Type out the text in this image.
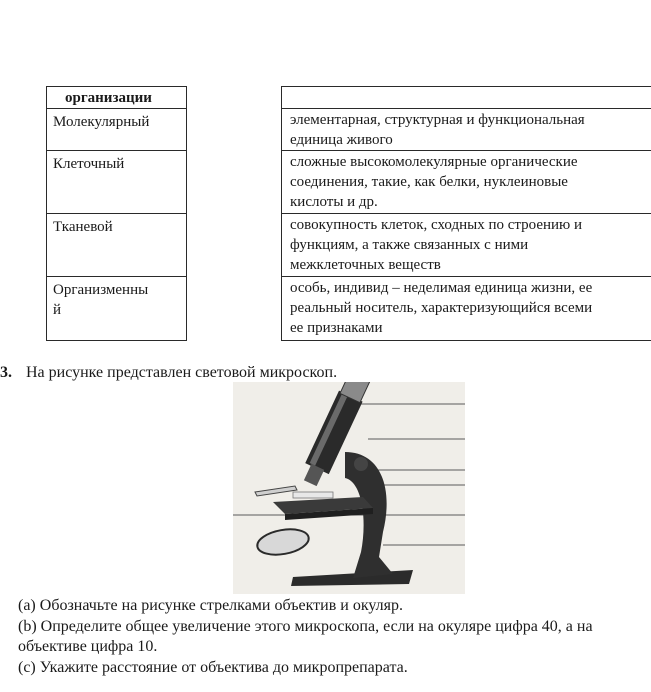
организации
Молекулярный
Клеточный
Тканевой
Организменны
й
элементарная, структурная и функциональная
единица живого
сложные высокомолекулярные органические
соединения, такие, как белки, нуклеиновые
кислоты и др.
совокупность клеток, сходных по строению и
функциям, а также связанных с ними
межклеточных веществ
особь, индивид – неделимая единица жизни, ее
реальный носитель, характеризующийся всеми
ее признаками
3. На рисунке представлен световой микроскоп.
(a) Обозначьте на рисунке стрелками объектив и окуляр.
(b) Определите общее увеличение этого микроскопа, если на окуляре цифра 40, а на
объективе цифра 10.
(c) Укажите расстояние от объектива до микропрепарата.
